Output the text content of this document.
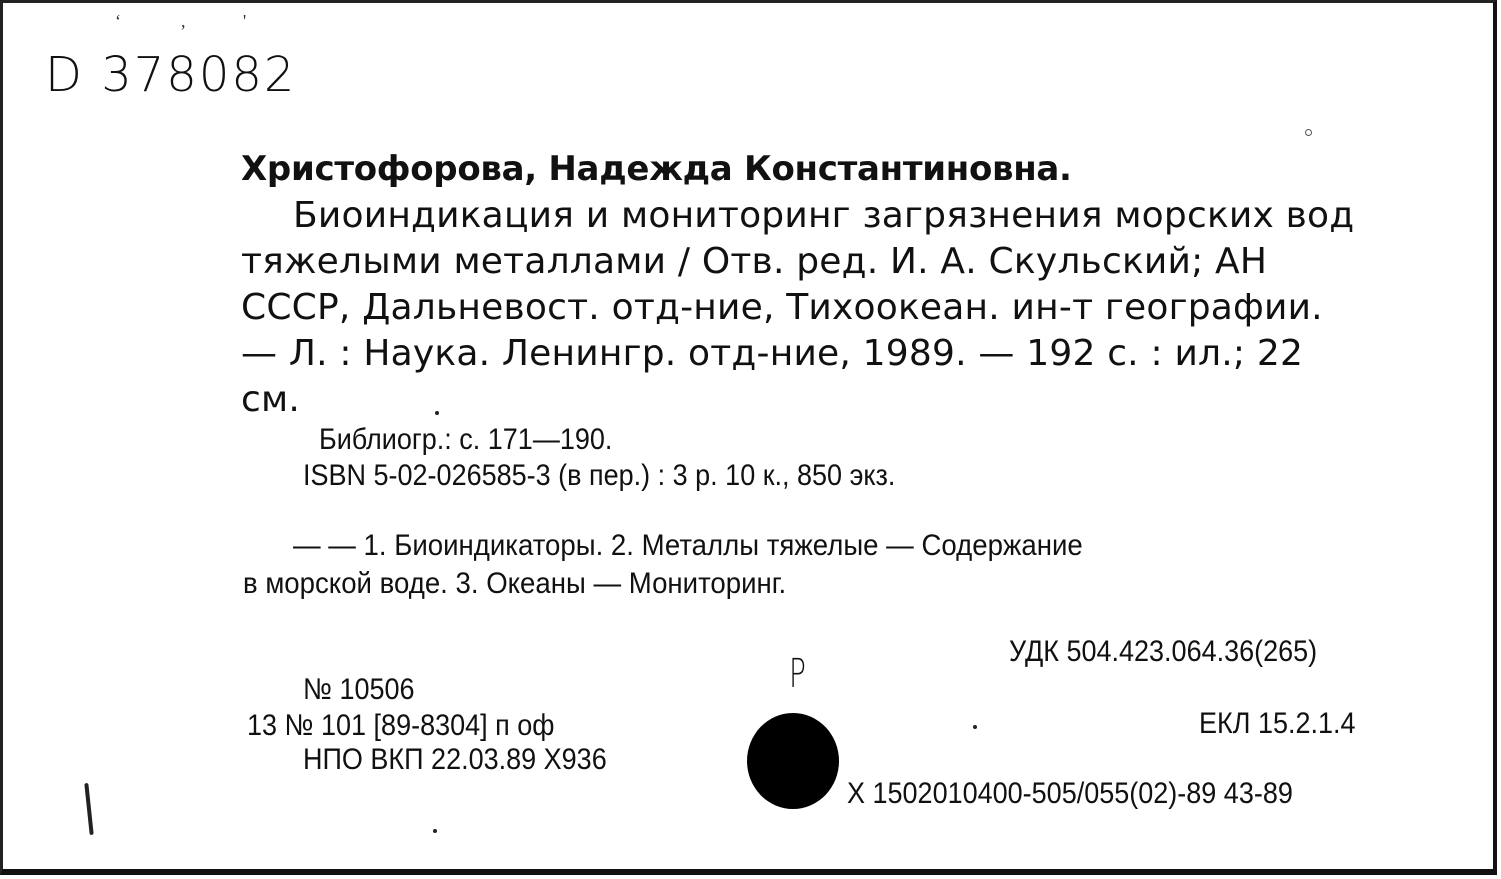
‘	,	'
D 378082
Христофорова, Надежда Константиновна.
Биоиндикация и мониторинг загрязнения морских вод
тяжелыми металлами / Отв. ред. И. А. Скульский; АН
СССР, Дальневост. отд-ние, Тихоокеан. ин-т географии.
— Л. : Наука. Ленингр. отд-ние, 1989. — 192 с. : ил.; 22
см.
Библиогр.: с. 171—190.
ISBN 5-02-026585-3 (в пер.) : 3 р. 10 к., 850 экз.
— — 1. Биоиндикаторы. 2. Металлы тяжелые — Содержание
в морской воде. 3. Океаны — Мониторинг.
УДК 504.423.064.36(265)
ЕКЛ 15.2.1.4
X 1502010400-505/055(02)-89 43-89
№ 10506
13 № 101 [89-8304] п оф
НПО ВКП 22.03.89 X936
P
